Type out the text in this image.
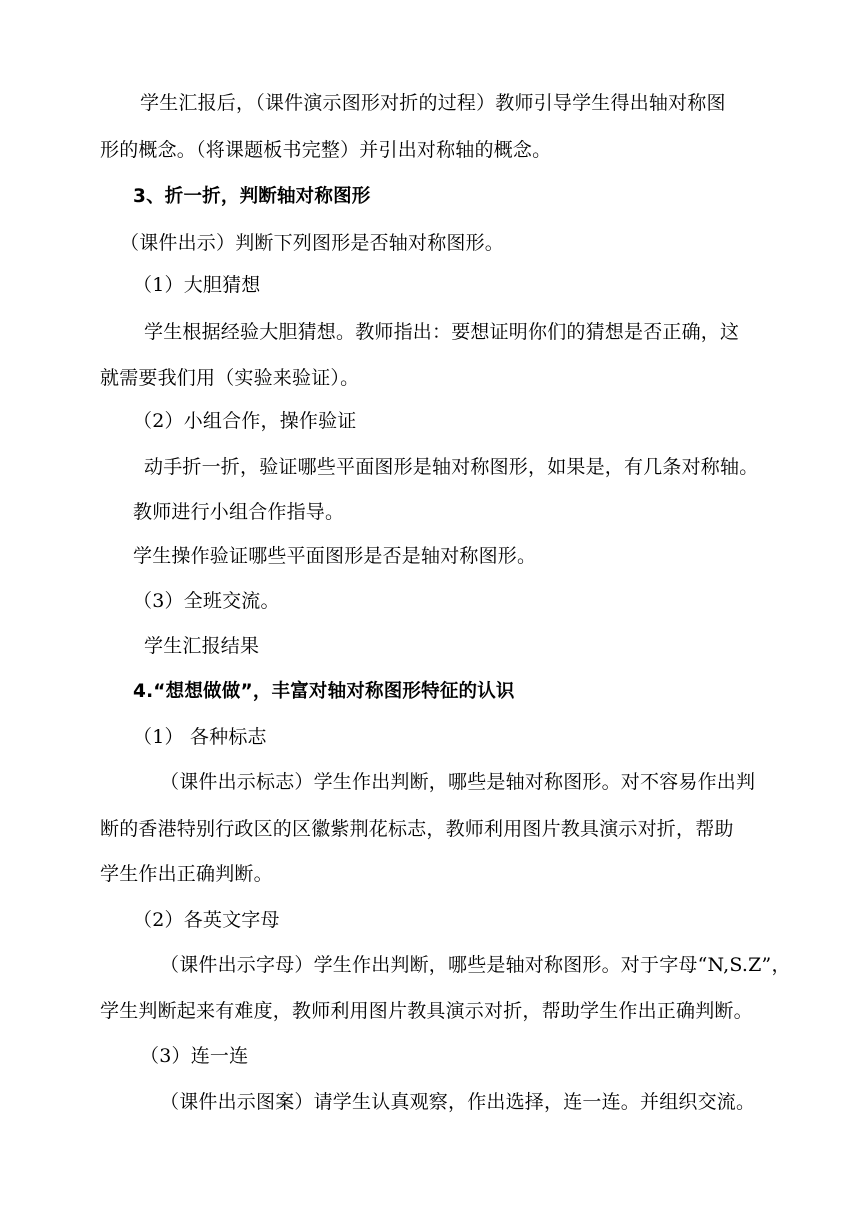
学生汇报后，（课件演示图形对折的过程）教师引导学生得出轴对称图
形的概念。（将课题板书完整）并引出对称轴的概念。
3、折一折，判断轴对称图形
（课件出示）判断下列图形是否轴对称图形。
（1）大胆猜想
学生根据经验大胆猜想。教师指出：要想证明你们的猜想是否正确，这
就需要我们用（实验来验证）。
（2）小组合作，操作验证
动手折一折，验证哪些平面图形是轴对称图形，如果是，有几条对称轴。
教师进行小组合作指导。
学生操作验证哪些平面图形是否是轴对称图形。
（3）全班交流。
学生汇报结果
4.“想想做做”，丰富对轴对称图形特征的认识
（1） 各种标志
（课件出示标志）学生作出判断，哪些是轴对称图形。对不容易作出判
断的香港特别行政区的区徽紫荆花标志，教师利用图片教具演示对折，帮助
学生作出正确判断。
（2）各英文字母
（课件出示字母）学生作出判断，哪些是轴对称图形。对于字母“N,S.Z”，
学生判断起来有难度，教师利用图片教具演示对折，帮助学生作出正确判断。
（3）连一连
（课件出示图案）请学生认真观察，作出选择，连一连。并组织交流。
